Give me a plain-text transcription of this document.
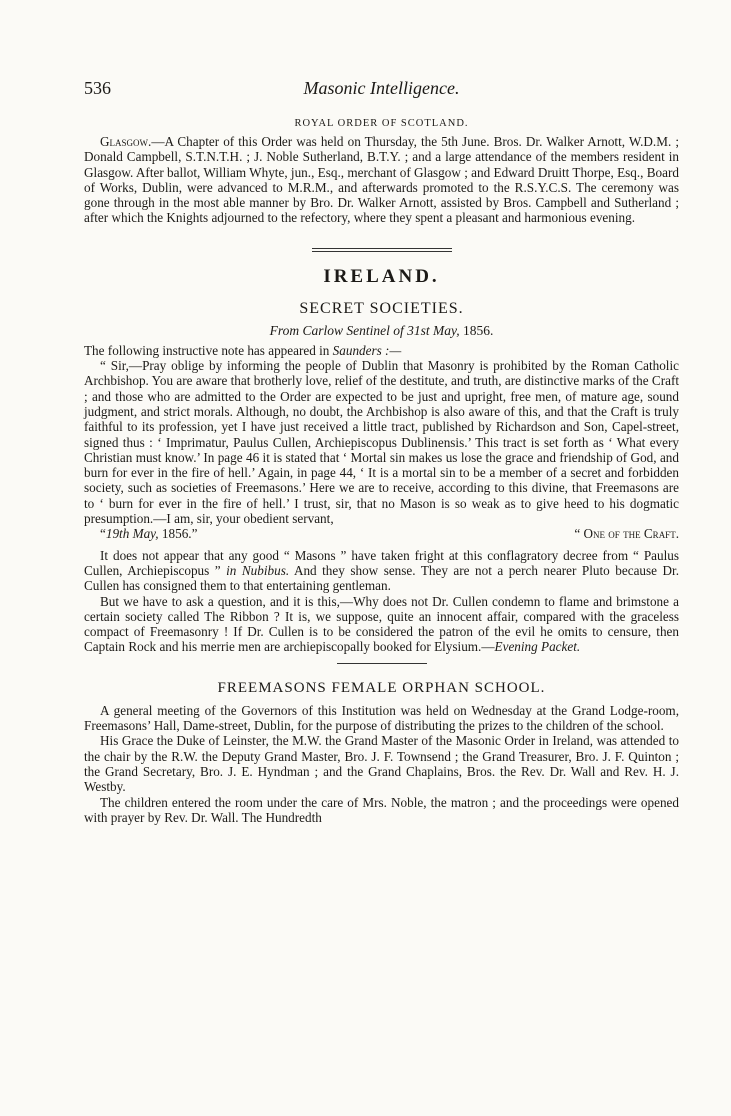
536	Masonic Intelligence.
ROYAL ORDER OF SCOTLAND.

Glasgow.—A Chapter of this Order was held on Thursday, the 5th June. Bros. Dr. Walker Arnott, W.D.M. ; Donald Campbell, S.T.N.T.H. ; J. Noble Sutherland, B.T.Y. ; and a large attendance of the members resident in Glasgow. After ballot, William Whyte, jun., Esq., merchant of Glasgow ; and Edward Druitt Thorpe, Esq., Board of Works, Dublin, were advanced to M.R.M., and afterwards promoted to the R.S.Y.C.S. The ceremony was gone through in the most able manner by Bro. Dr. Walker Arnott, assisted by Bros. Campbell and Sutherland ; after which the Knights adjourned to the refectory, where they spent a pleasant and harmonious evening.

IRELAND.
SECRET SOCIETIES.
From Carlow Sentinel of 31st May, 1856.

The following instructive note has appeared in Saunders :—

“ Sir,—Pray oblige by informing the people of Dublin that Masonry is prohibited by the Roman Catholic Archbishop. You are aware that brotherly love, relief of the destitute, and truth, are distinctive marks of the Craft ; and those who are admitted to the Order are expected to be just and upright, free men, of mature age, sound judgment, and strict morals. Although, no doubt, the Archbishop is also aware of this, and that the Craft is truly faithful to its profession, yet I have just received a little tract, published by Richardson and Son, Capel-street, signed thus : ‘ Imprimatur, Paulus Cullen, Archiepiscopus Dublinensis.’ This tract is set forth as ‘ What every Christian must know.’ In page 46 it is stated that ‘ Mortal sin makes us lose the grace and friendship of God, and burn for ever in the fire of hell.’ Again, in page 44, ‘ It is a mortal sin to be a member of a secret and forbidden society, such as societies of Freemasons.’ Here we are to receive, according to this divine, that Freemasons are to ‘ burn for ever in the fire of hell.’ I trust, sir, that no Mason is so weak as to give heed to his dogmatic presumption.—I am, sir, your obedient servant,

“19th May, 1856.”	“ One of the Craft.

It does not appear that any good “ Masons ” have taken fright at this conflagratory decree from “ Paulus Cullen, Archiepiscopus ” in Nubibus. And they show sense. They are not a perch nearer Pluto because Dr. Cullen has consigned them to that entertaining gentleman.

But we have to ask a question, and it is this,—Why does not Dr. Cullen condemn to flame and brimstone a certain society called The Ribbon ? It is, we suppose, quite an innocent affair, compared with the graceless compact of Freemasonry ! If Dr. Cullen is to be considered the patron of the evil he omits to censure, then Captain Rock and his merrie men are archiepiscopally booked for Elysium.—Evening Packet.

FREEMASONS FEMALE ORPHAN SCHOOL.

A general meeting of the Governors of this Institution was held on Wednesday at the Grand Lodge-room, Freemasons’ Hall, Dame-street, Dublin, for the purpose of distributing the prizes to the children of the school.

His Grace the Duke of Leinster, the M.W. the Grand Master of the Masonic Order in Ireland, was attended to the chair by the R.W. the Deputy Grand Master, Bro. J. F. Townsend ; the Grand Treasurer, Bro. J. F. Quinton ; the Grand Secretary, Bro. J. E. Hyndman ; and the Grand Chaplains, Bros. the Rev. Dr. Wall and Rev. H. J. Westby.

The children entered the room under the care of Mrs. Noble, the matron ; and the proceedings were opened with prayer by Rev. Dr. Wall. The Hundredth
